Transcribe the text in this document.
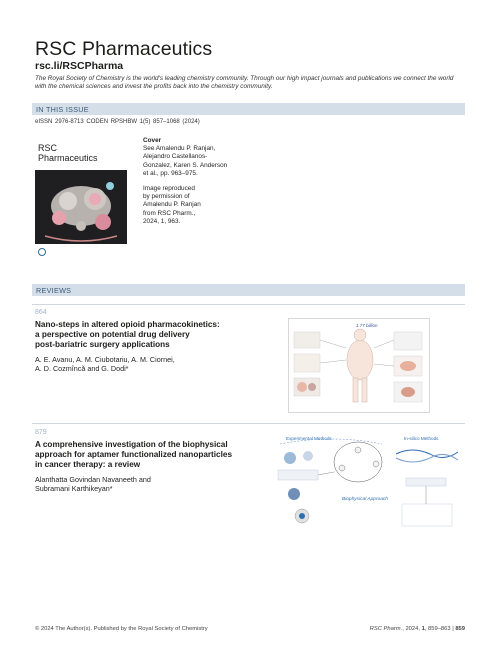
RSC Pharmaceutics
rsc.li/RSCPharma
The Royal Society of Chemistry is the world's leading chemistry community. Through our high impact journals and publications we connect the world with the chemical sciences and invest the profits back into the chemistry community.
IN THIS ISSUE
eISSN 2976-8713 CODEN RPSHBW 1(5) 857–1068 (2024)
RSC
Pharmaceutics
Cover
See Amalendu P. Ranjan,
Alejandro Castellanos-
Gonzalez, Karen S. Anderson
et al., pp. 963–975.
Image reproduced
by permission of
Amalendu P. Ranjan
from RSC Pharm.,
2024, 1, 963.
REVIEWS
864
Nano-steps in altered opioid pharmacokinetics:
a perspective on potential drug delivery
post-bariatric surgery applications
A. E. Avanu, A. M. Ciubotariu, A. M. Ciornei,
A. D. Cozmîncă and G. Dodi*
1.77 billion
879
A comprehensive investigation of the biophysical
approach for aptamer functionalized nanoparticles
in cancer therapy: a review
Alanthatta Govindan Navaneeth and
Subramani Karthikeyan*
Experimental Methods	In-silico Methods
Biophysical Approach
© 2024 The Author(s). Published by the Royal Society of Chemistry	RSC Pharm., 2024, 1, 859–863 | 859
